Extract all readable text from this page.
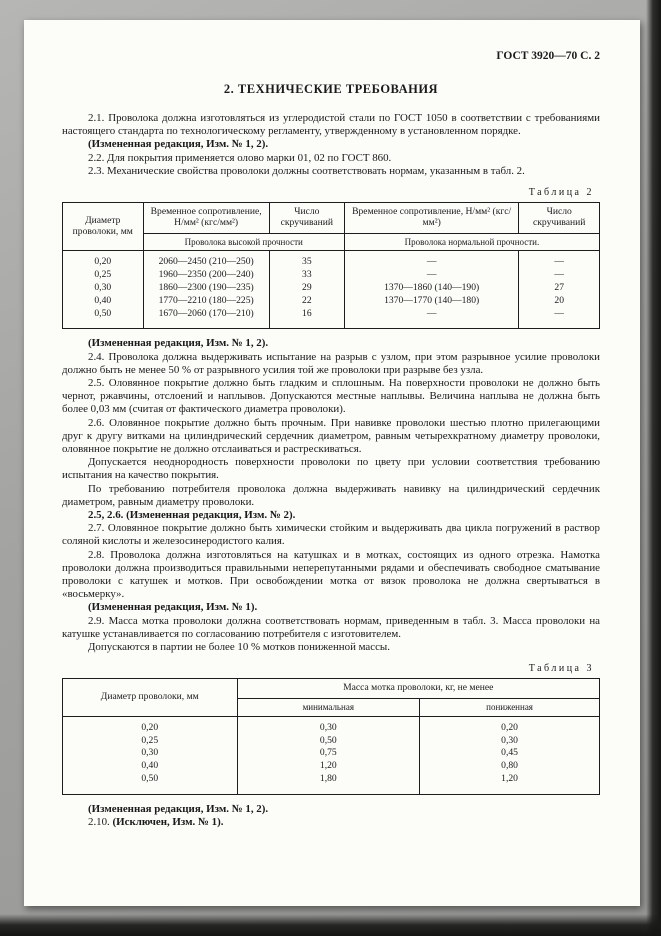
ГОСТ 3920—70 С. 2
2. ТЕХНИЧЕСКИЕ ТРЕБОВАНИЯ

2.1. Проволока должна изготовляться из углеродистой стали по ГОСТ 1050 в соответствии с требованиями настоящего стандарта по технологическому регламенту, утвержденному в установленном порядке.

(Измененная редакция, Изм. № 1, 2).

2.2. Для покрытия применяется олово марки 01, 02 по ГОСТ 860.

2.3. Механические свойства проволоки должны соответствовать нормам, указанным в табл. 2.

Таблица 2
Диаметр проволоки, мм	Временное сопротивление, Н/мм² (кгс/мм²)	Число скручиваний	Временное сопротивление, Н/мм² (кгс/мм²)	Число скручиваний
	Проволока высокой прочности		Проволока нормальной прочности.	
0,20	2060—2450 (210—250)	35	—	—
0,25	1960—2350 (200—240)	33	—	—
0,30	1860—2300 (190—235)	29	1370—1860 (140—190)	27
0,40	1770—2210 (180—225)	22	1370—1770 (140—180)	20
0,50	1670—2060 (170—210)	16	—	—

(Измененная редакция, Изм. № 1, 2).

2.4. Проволока должна выдерживать испытание на разрыв с узлом, при этом разрывное усилие проволоки должно быть не менее 50 % от разрывного усилия той же проволоки при разрыве без узла.

2.5. Оловянное покрытие должно быть гладким и сплошным. На поверхности проволоки не должно быть чернот, ржавчины, отслоений и наплывов. Допускаются местные наплывы. Величина наплыва не должна быть более 0,03 мм (считая от фактического диаметра проволоки).

2.6. Оловянное покрытие должно быть прочным. При навивке проволоки шестью плотно прилегающими друг к другу витками на цилиндрический сердечник диаметром, равным четырехкратному диаметру проволоки, оловянное покрытие не должно отслаиваться и растрескиваться.

Допускается неоднородность поверхности проволоки по цвету при условии соответствия требованию испытания на качество покрытия.

По требованию потребителя проволока должна выдерживать навивку на цилиндрический сердечник диаметром, равным диаметру проволоки.

2.5, 2.6. (Измененная редакция, Изм. № 2).

2.7. Оловянное покрытие должно быть химически стойким и выдерживать два цикла погружений в раствор соляной кислоты и железосинеродистого калия.

2.8. Проволока должна изготовляться на катушках и в мотках, состоящих из одного отрезка. Намотка проволоки должна производиться правильными неперепутанными рядами и обеспечивать свободное сматывание проволоки с катушек и мотков. При освобождении мотка от вязок проволока не должна свертываться в «восьмерку».

(Измененная редакция, Изм. № 1).

2.9. Масса мотка проволоки должна соответствовать нормам, приведенным в табл. 3. Масса проволоки на катушке устанавливается по согласованию потребителя с изготовителем.

Допускаются в партии не более 10 % мотков пониженной массы.

Таблица 3
Диаметр проволоки, мм	Масса мотка проволоки, кг, не менее	
	минимальная	пониженная
0,20	0,30	0,20
0,25	0,50	0,30
0,30	0,75	0,45
0,40	1,20	0,80
0,50	1,80	1,20

(Измененная редакция, Изм. № 1, 2).

2.10. (Исключен, Изм. № 1).
